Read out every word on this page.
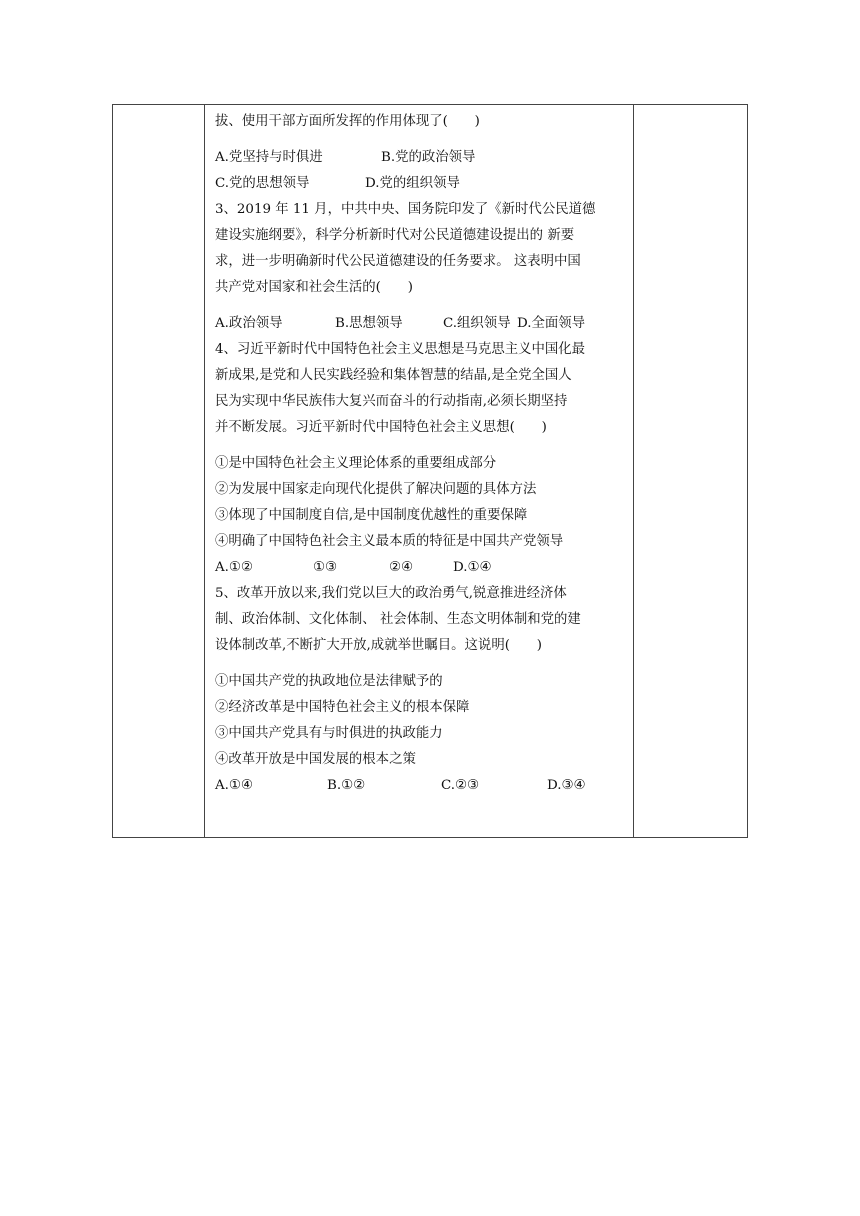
拔、使用干部方面所发挥的作用体现了(　　)
A.党坚持与时俱进	B.党的政治领导
C.党的思想领导	D.党的组织领导
3、2019 年 11 月，中共中央、国务院印发了《新时代公民道德
建设实施纲要》，科学分析新时代对公民道德建设提出的 新要
求，进一步明确新时代公民道德建设的任务要求。 这表明中国
共产党对国家和社会生活的(　　)
A.政治领导	B.思想领导	C.组织领导 D.全面领导
4、习近平新时代中国特色社会主义思想是马克思主义中国化最
新成果,是党和人民实践经验和集体智慧的结晶,是全党全国人
民为实现中华民族伟大复兴而奋斗的行动指南,必须长期坚持
并不断发展。习近平新时代中国特色社会主义思想(　　)
①是中国特色社会主义理论体系的重要组成部分
②为发展中国家走向现代化提供了解决问题的具体方法
③体现了中国制度自信,是中国制度优越性的重要保障
④明确了中国特色社会主义最本质的特征是中国共产党领导
A.①②	①③	②④	D.①④
5、改革开放以来,我们党以巨大的政治勇气,锐意推进经济体
制、政治体制、文化体制、 社会体制、生态文明体制和党的建
设体制改革,不断扩大开放,成就举世瞩目。这说明(　　)
①中国共产党的执政地位是法律赋予的
②经济改革是中国特色社会主义的根本保障
③中国共产党具有与时俱进的执政能力
④改革开放是中国发展的根本之策
A.①④	B.①②	C.②③	D.③④
